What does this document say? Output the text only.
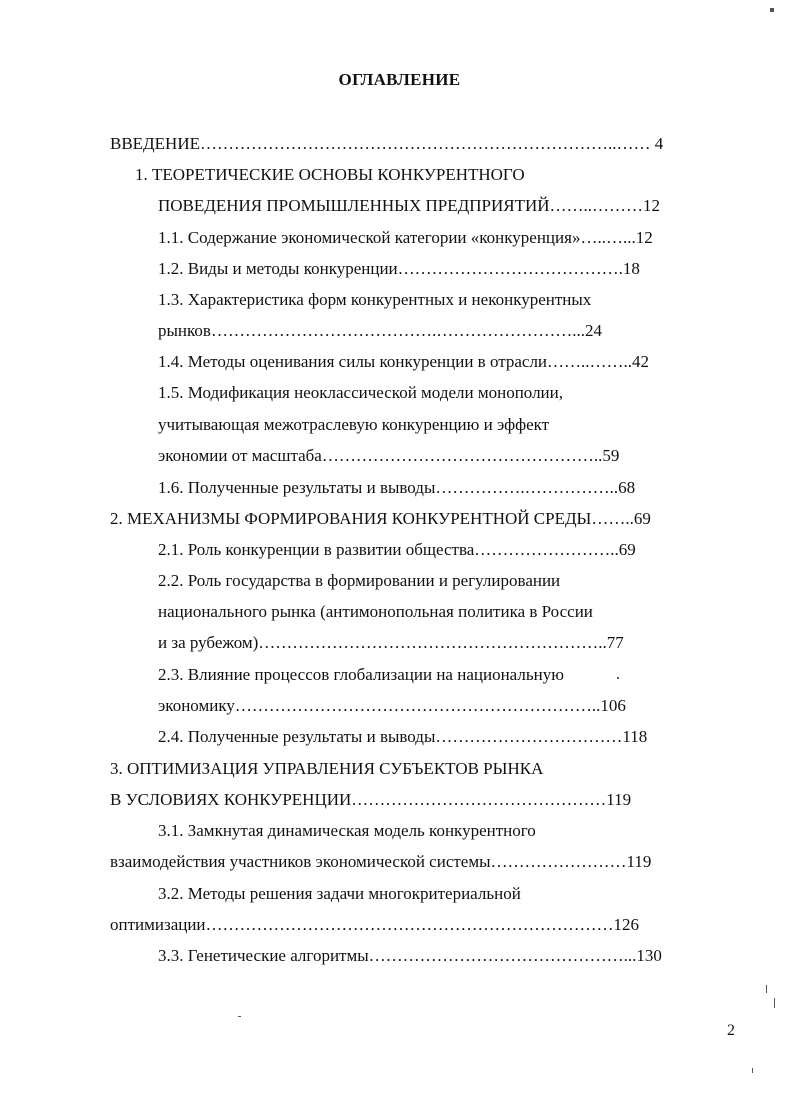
ОГЛАВЛЕНИЕ
ВВЕДЕНИЕ………………………………………………………………..…… 4
1. ТЕОРЕТИЧЕСКИЕ ОСНОВЫ КОНКУРЕНТНОГО
ПОВЕДЕНИЯ ПРОМЫШЛЕННЫХ ПРЕДПРИЯТИЙ……..………12
1.1. Содержание экономической категории «конкуренция»…..…...12
1.2. Виды и методы конкуренции………………………………….18
1.3. Характеристика форм конкурентных и неконкурентных
рынков………………………………….……………………...24
1.4. Методы оценивания силы конкуренции в отрасли……..……..42
1.5. Модификация неоклассической модели монополии,
учитывающая межотраслевую конкуренцию и эффект
экономии от масштаба…………………………………………..59
1.6. Полученные результаты и выводы…………….……………..68
2. МЕХАНИЗМЫ ФОРМИРОВАНИЯ КОНКУРЕНТНОЙ СРЕДЫ……..69
2.1. Роль конкуренции в развитии общества……………………..69
2.2. Роль государства в формировании и регулировании
национального рынка (антимонопольная политика в России
и за рубежом)……………………………………………………..77
2.3. Влияние процессов глобализации на национальную
экономику………………………………………………………..106
2.4. Полученные результаты и выводы……………………………118
3. ОПТИМИЗАЦИЯ УПРАВЛЕНИЯ СУБЪЕКТОВ РЫНКА
В УСЛОВИЯХ КОНКУРЕНЦИИ………………………………………119
3.1. Замкнутая динамическая модель конкурентного
взаимодействия участников экономической системы……………………119
3.2. Методы решения задачи многокритериальной
оптимизации………………………………………………………………126
3.3. Генетические алгоритмы………………………………………...130
2
